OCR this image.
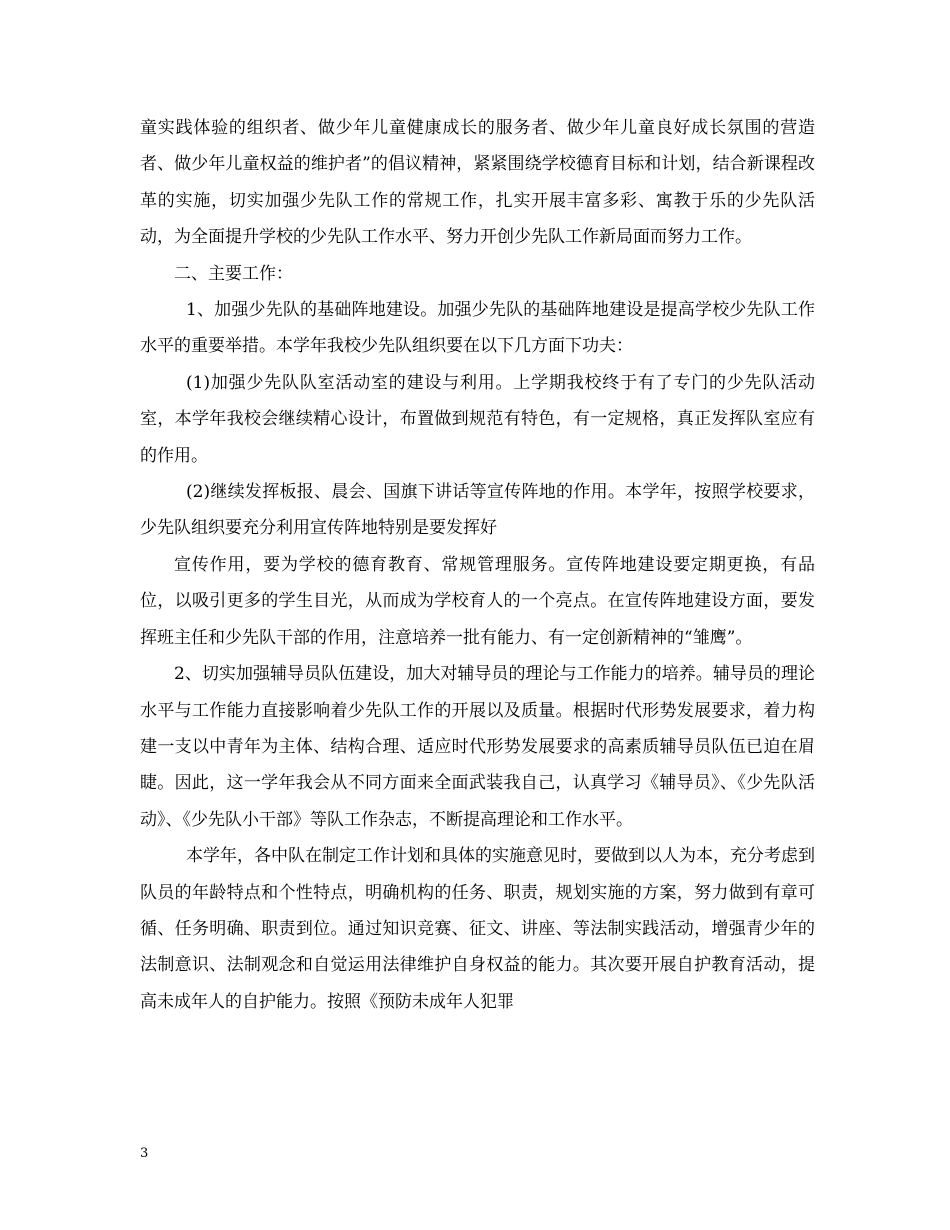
童实践体验的组织者、做少年儿童健康成长的服务者、做少年儿童良好成长氛围的营造者、做少年儿童权益的维护者”的倡议精神，紧紧围绕学校德育目标和计划，结合新课程改革的实施，切实加强少先队工作的常规工作，扎实开展丰富多彩、寓教于乐的少先队活动，为全面提升学校的少先队工作水平、努力开创少先队工作新局面而努力工作。

二、主要工作：

1、加强少先队的基础阵地建设。加强少先队的基础阵地建设是提高学校少先队工作水平的重要举措。本学年我校少先队组织要在以下几方面下功夫：

(1)加强少先队队室活动室的建设与利用。上学期我校终于有了专门的少先队活动室，本学年我校会继续精心设计，布置做到规范有特色，有一定规格，真正发挥队室应有的作用。

(2)继续发挥板报、晨会、国旗下讲话等宣传阵地的作用。本学年，按照学校要求，少先队组织要充分利用宣传阵地特别是要发挥好

宣传作用，要为学校的德育教育、常规管理服务。宣传阵地建设要定期更换，有品位，以吸引更多的学生目光，从而成为学校育人的一个亮点。在宣传阵地建设方面，要发挥班主任和少先队干部的作用，注意培养一批有能力、有一定创新精神的“雏鹰”。

2、切实加强辅导员队伍建设，加大对辅导员的理论与工作能力的培养。辅导员的理论水平与工作能力直接影响着少先队工作的开展以及质量。根据时代形势发展要求，着力构建一支以中青年为主体、结构合理、适应时代形势发展要求的高素质辅导员队伍已迫在眉睫。因此，这一学年我会从不同方面来全面武装我自己，认真学习《辅导员》、《少先队活动》、《少先队小干部》等队工作杂志，不断提高理论和工作水平。

本学年，各中队在制定工作计划和具体的实施意见时，要做到以人为本，充分考虑到队员的年龄特点和个性特点，明确机构的任务、职责，规划实施的方案，努力做到有章可循、任务明确、职责到位。通过知识竞赛、征文、讲座、等法制实践活动，增强青少年的法制意识、法制观念和自觉运用法律维护自身权益的能力。其次要开展自护教育活动，提高未成年人的自护能力。按照《预防未成年人犯罪

3
